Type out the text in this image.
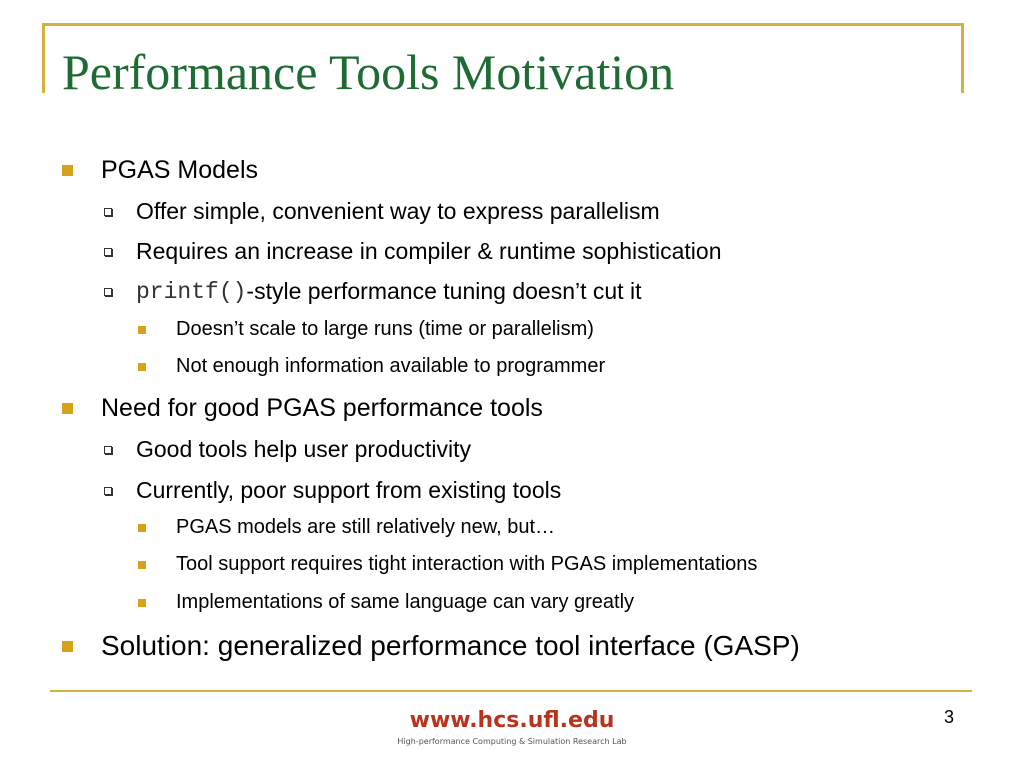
Performance Tools Motivation
PGAS Models
Offer simple, convenient way to express parallelism
Requires an increase in compiler & runtime sophistication
printf() -style performance tuning doesn’t cut it
Doesn’t scale to large runs (time or parallelism)
Not enough information available to programmer
Need for good PGAS performance tools
Good tools help user productivity
Currently, poor support from existing tools
PGAS models are still relatively new, but…
Tool support requires tight interaction with PGAS implementations
Implementations of same language can vary greatly
Solution: generalized performance tool interface (GASP)
www.hcs.ufl.edu
High-performance Computing & Simulation Research Lab
3
